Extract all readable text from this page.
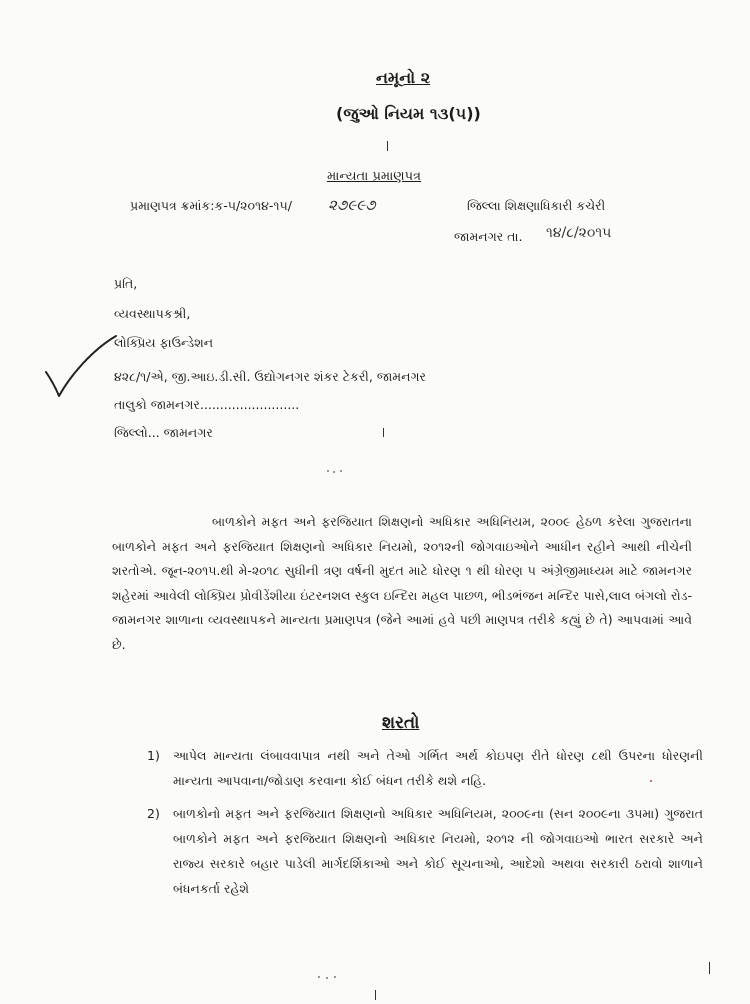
નમૂનો ૨
(જુઓ નિયમ ૧૩(૫))
માન્યતા પ્રમાણપત્ર
પ્રમાણપત્ર ક્રમાંક:ક-૫/૨૦૧૪-૧૫/ ૨૭૯૯૭	જિલ્લા શિક્ષણાધિકારી કચેરી
જામનગર તા. ૧૪/૮/૨૦૧૫
પ્રતિ,
વ્યવસ્થાપકશ્રી,
લોક્પ્રિય ફાઉન્ડેશન
૪૨૮/૧/એ, જી.આઇ.ડી.સી. ઉદ્યોગનગર શંકર ટેકરી, જામનગર
તાલુકો જામનગર.........................
જિલ્લો... જામનગર
બાળકોને મફત અને ફરજિયાત શિક્ષણનો અધિકાર અધિનિયમ, ૨૦૦૯ હેઠળ કરેલા ગુજરાતના બાળકોને મફત અને ફરજિયાત શિક્ષણનો અધિકાર નિયમો, ૨૦૧૨ની જોગવાઇઓને આધીન રહીને આથી નીચેની શરતોએ. જૂન-૨૦૧૫.થી મે-૨૦૧૮ સુધીની ત્રણ વર્ષની મુદત માટે ધોરણ ૧ થી ધોરણ ૫ અંગ્રેજીમાધ્યમ માટે જામનગર શહેરમાં આવેલી લોક્પ્રિય પ્રોવીડેંશીયા ઇંટરનશલ સ્કુલ ઇન્દિરા મહલ પાછળ, ભીડભંજન મન્દિર પાસે,લાલ બંગલો રોડ-જામનગર શાળાના વ્યવસ્થાપકને માન્યતા પ્રમાણપત્ર (જેને આમાં હવે પછી માણપત્ર તરીકે કહ્યું છે તે) આપવામાં આવે છે.
શરતો
1) આપેલ માન્યતા લંબાવવાપાત્ર નથી અને તેઓ ગર્ભિત અર્થ કોઇપણ રીતે ધોરણ ૮થી ઉપરના ધોરણની માન્યતા આપવાના/જોડાણ કરવાના કોઈ બંધન તરીકે થશે નહિ.
2) બાળકોનો મફત અને ફરજિયાત શિક્ષણનો અધિકાર અધિનિયમ, ૨૦૦૯ના (સન ૨૦૦૯ના ૩૫મા) ગુજરાત બાળકોને મફત અને ફરજિયાત શિક્ષણનો અધિકાર નિયમો, ૨૦૧૨ ની જોગવાઇઓ ભારત સરકારે અને રાજ્ય સરકારે બહાર પાડેલી માર્ગદર્શિકાઓ અને કોઈ સૂચનાઓ, આદેશો અથવા સરકારી ઠરાવો શાળાને બંધનકર્તા રહેશે
